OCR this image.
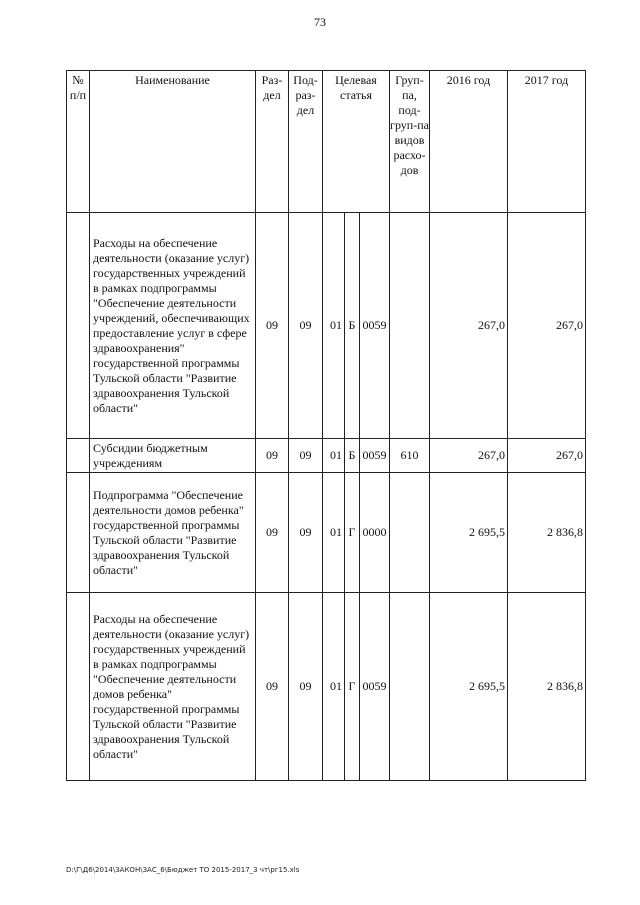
73
№ п/п	Наименование	Раз-дел	Под-раз-дел	Целевая статья			Груп-па, под-груп-па видов расхо-дов	2016 год	2017 год
	Расходы на обеспечение деятельности (оказание услуг) государственных учреждений в рамках подпрограммы "Обеспечение деятельности учреждений, обеспечивающих предоставление услуг в сфере здравоохранения" государственной программы Тульской области "Развитие здравоохранения Тульской области"	09	09	01	Б	0059		267,0	267,0
	Субсидии бюджетным учреждениям	09	09	01	Б	0059	610	267,0	267,0
	Подпрограмма "Обеспечение деятельности домов ребенка" государственной программы Тульской области "Развитие здравоохранения Тульской области"	09	09	01	Г	0000		2 695,5	2 836,8
	Расходы на обеспечение деятельности (оказание услуг) государственных учреждений в рамках подпрограммы "Обеспечение деятельности домов ребенка" государственной программы Тульской области "Развитие здравоохранения Тульской области"	09	09	01	Г	0059		2 695,5	2 836,8
D:\Г\Д6\2014\ЗАКОН\ЗАС_6\Бюджет ТО 2015-2017_3 чт\рг15.xls
